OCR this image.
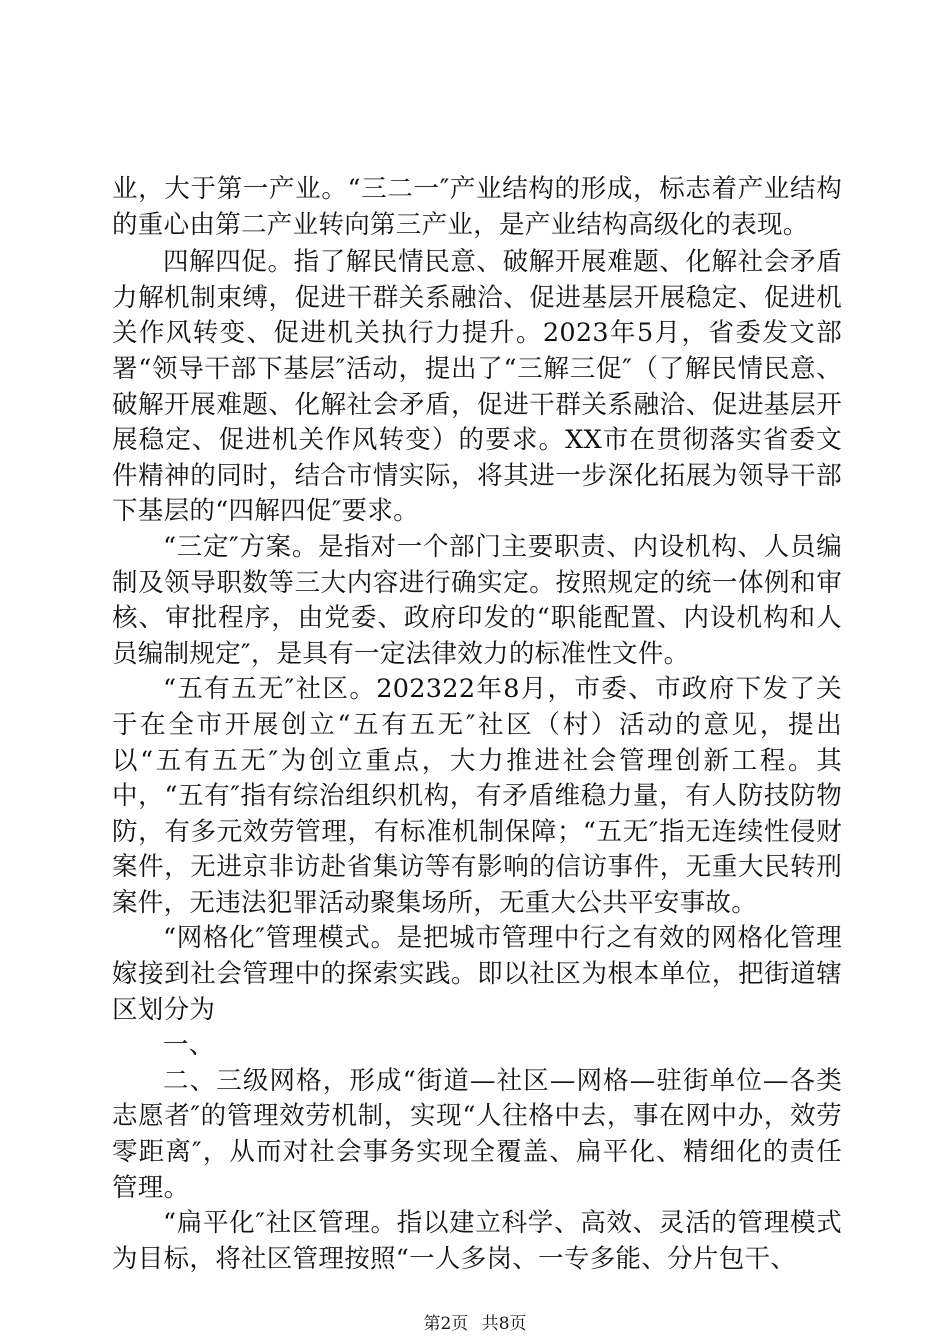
业，大于第一产业。“三二一″产业结构的形成，标志着产业结构的重心由第二产业转向第三产业，是产业结构高级化的表现。

四解四促。指了解民情民意、破解开展难题、化解社会矛盾力解机制束缚，促进干群关系融洽、促进基层开展稳定、促进机关作风转变、促进机关执行力提升。2023年5月，省委发文部署“领导干部下基层″活动，提出了“三解三促″（了解民情民意、破解开展难题、化解社会矛盾，促进干群关系融洽、促进基层开展稳定、促进机关作风转变）的要求。XX市在贯彻落实省委文件精神的同时，结合市情实际，将其进一步深化拓展为领导干部下基层的“四解四促″要求。

“三定″方案。是指对一个部门主要职责、内设机构、人员编制及领导职数等三大内容进行确实定。按照规定的统一体例和审核、审批程序，由党委、政府印发的“职能配置、内设机构和人员编制规定″，是具有一定法律效力的标准性文件。

“五有五无″社区。202322年8月，市委、市政府下发了关于在全市开展创立“五有五无″社区（村）活动的意见，提出以“五有五无″为创立重点，大力推进社会管理创新工程。其中，“五有″指有综治组织机构，有矛盾维稳力量，有人防技防物防，有多元效劳管理，有标准机制保障；“五无″指无连续性侵财案件，无进京非访赴省集访等有影响的信访事件，无重大民转刑案件，无违法犯罪活动聚集场所，无重大公共平安事故。

“网格化″管理模式。是把城市管理中行之有效的网格化管理嫁接到社会管理中的探索实践。即以社区为根本单位，把街道辖区划分为

一、

二、三级网格，形成“街道—社区—网格—驻街单位—各类志愿者″的管理效劳机制，实现“人往格中去，事在网中办，效劳零距离″，从而对社会事务实现全覆盖、扁平化、精细化的责任管理。

“扁平化″社区管理。指以建立科学、高效、灵活的管理模式为目标，将社区管理按照“一人多岗、一专多能、分片包干、

第2页 共8页
